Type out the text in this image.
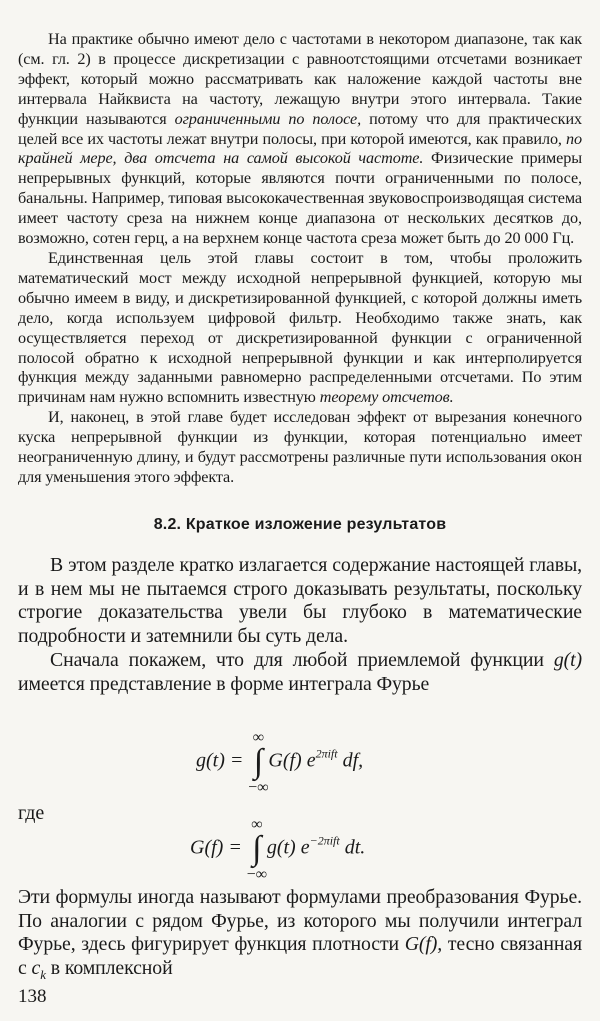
На практике обычно имеют дело с частотами в некотором диапазоне, так как (см. гл. 2) в процессе дискретизации с равноотстоящими отсчетами возникает эффект, который можно рассматривать как наложение каждой частоты вне интервала Найквиста на частоту, лежащую внутри этого интервала. Такие функции называются ограниченными по полосе, потому что для практических целей все их частоты лежат внутри полосы, при которой имеются, как правило, по крайней мере, два отсчета на самой высокой частоте. Физические примеры непрерывных функций, которые являются почти ограниченными по полосе, банальны. Например, типовая высококачественная звуковоспроизводящая система имеет частоту среза на нижнем конце диапазона от нескольких десятков до, возможно, сотен герц, а на верхнем конце частота среза может быть до 20 000 Гц.

Единственная цель этой главы состоит в том, чтобы проложить математический мост между исходной непрерывной функцией, которую мы обычно имеем в виду, и дискретизированной функцией, с которой должны иметь дело, когда используем цифровой фильтр. Необходимо также знать, как осуществляется переход от дискретизированной функции с ограниченной полосой обратно к исходной непрерывной функции и как интерполируется функция между заданными равномерно распределенными отсчетами. По этим причинам нам нужно вспомнить известную теорему отсчетов.

И, наконец, в этой главе будет исследован эффект от вырезания конечного куска непрерывной функции из функции, которая потенциально имеет неограниченную длину, и будут рассмотрены различные пути использования окон для уменьшения этого эффекта.

8.2. Краткое изложение результатов

В этом разделе кратко излагается содержание настоящей главы, и в нем мы не пытаемся строго доказывать результаты, поскольку строгие доказательства увели бы глубоко в математические подробности и затемнили бы суть дела.

Сначала покажем, что для любой приемлемой функции g(t) имеется представление в форме интеграла Фурье

g(t) =
∞
∫
−∞
G(f) $e^{2\pi ift}$ df,
где
G(f) =
∞
∫
−∞
g(t) $e^{-2\pi ift}$ dt.

Эти формулы иногда называют формулами преобразования Фурье. По аналогии с рядом Фурье, из которого мы получили интеграл Фурье, здесь фигурирует функция плотности G(f), тесно связанная с $c_k$ в комплексной

138
